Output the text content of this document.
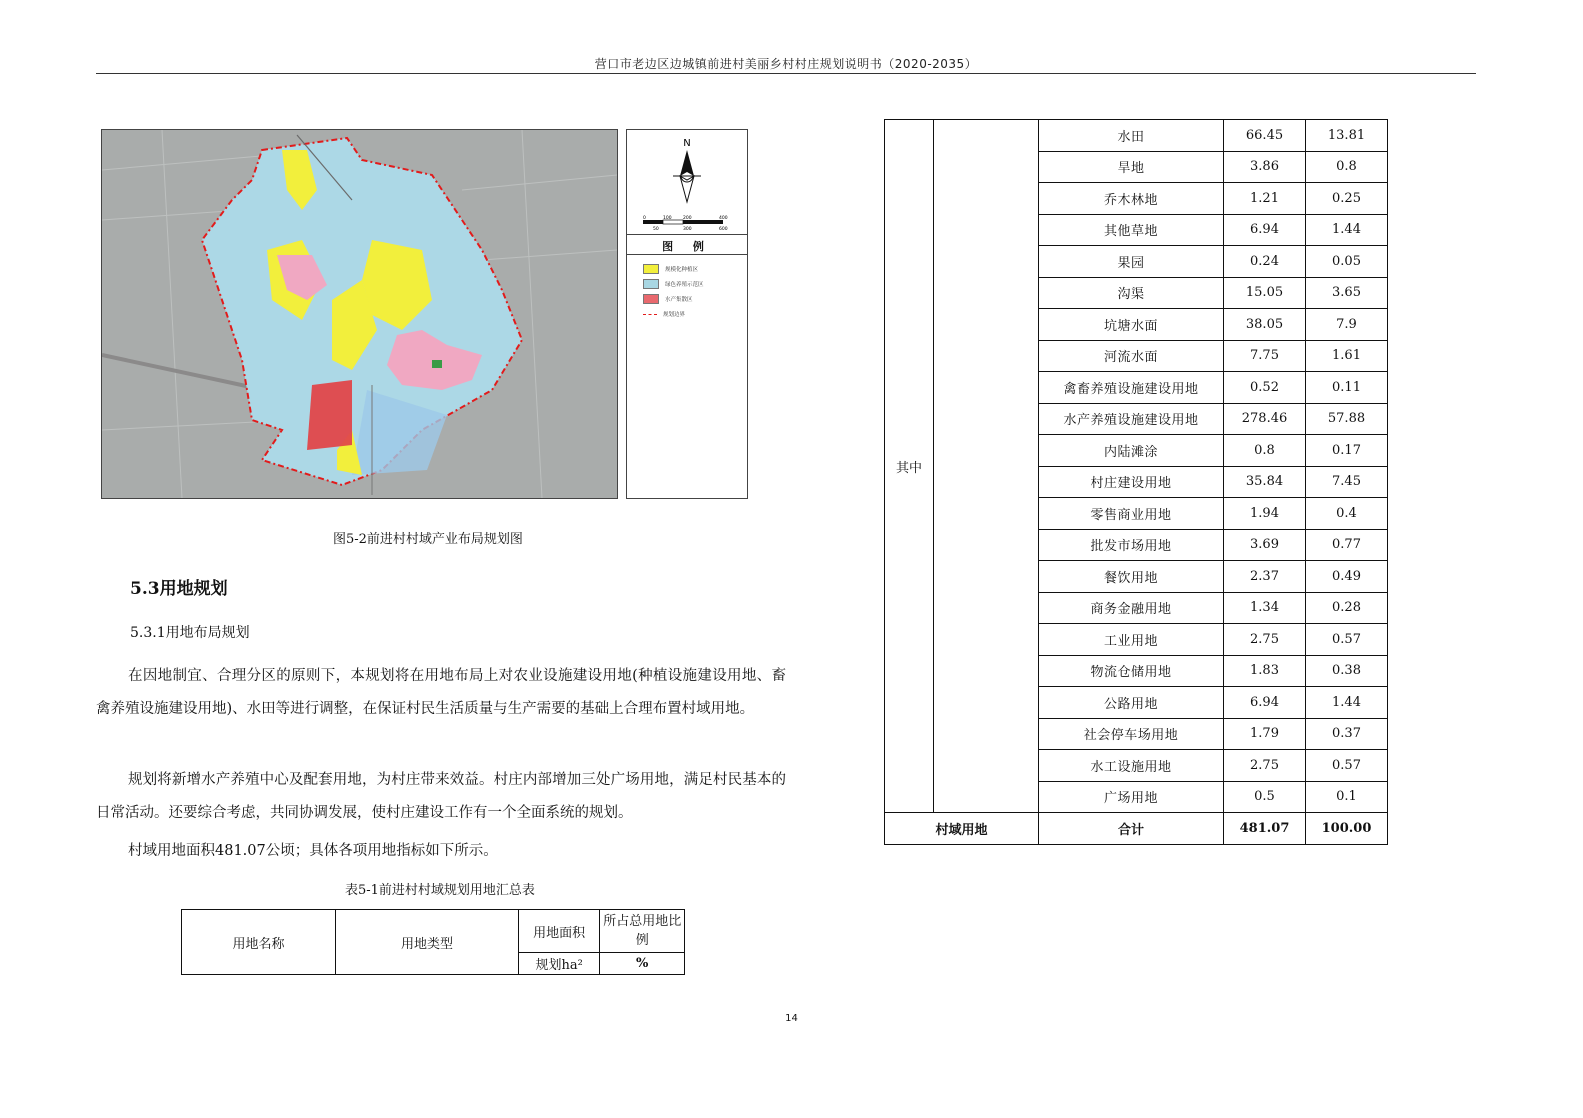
营口市老边区边城镇前进村美丽乡村村庄规划说明书（2020-2035）
N
0	100	200	400
50	300	600
图 例
规模化种植区
绿色养殖示范区
水产集散区
规划边界
图5-2前进村村域产业布局规划图
5.3用地规划
5.3.1用地布局规划
在因地制宜、合理分区的原则下，本规划将在用地布局上对农业设施建设用地(种植设施建设用地、畜禽养殖设施建设用地)、水田等进行调整，在保证村民生活质量与生产需要的基础上合理布置村域用地。
规划将新增水产养殖中心及配套用地，为村庄带来效益。村庄内部增加三处广场用地，满足村民基本的日常活动。还要综合考虑，共同协调发展，使村庄建设工作有一个全面系统的规划。
村域用地面积481.07公顷；具体各项用地指标如下所示。
表5-1前进村村域规划用地汇总表
用地名称	用地类型	用地面积	所占总用地比例
		规划ha²	%
其中		水田	66.45	13.81
		旱地	3.86	0.8
		乔木林地	1.21	0.25
		其他草地	6.94	1.44
		果园	0.24	0.05
		沟渠	15.05	3.65
		坑塘水面	38.05	7.9
		河流水面	7.75	1.61
		禽畜养殖设施建设用地	0.52	0.11
		水产养殖设施建设用地	278.46	57.88
		内陆滩涂	0.8	0.17
		村庄建设用地	35.84	7.45
		零售商业用地	1.94	0.4
		批发市场用地	3.69	0.77
		餐饮用地	2.37	0.49
		商务金融用地	1.34	0.28
		工业用地	2.75	0.57
		物流仓储用地	1.83	0.38
		公路用地	6.94	1.44
		社会停车场用地	1.79	0.37
		水工设施用地	2.75	0.57
		广场用地	0.5	0.1
村域用地		合计	481.07	100.00
14
